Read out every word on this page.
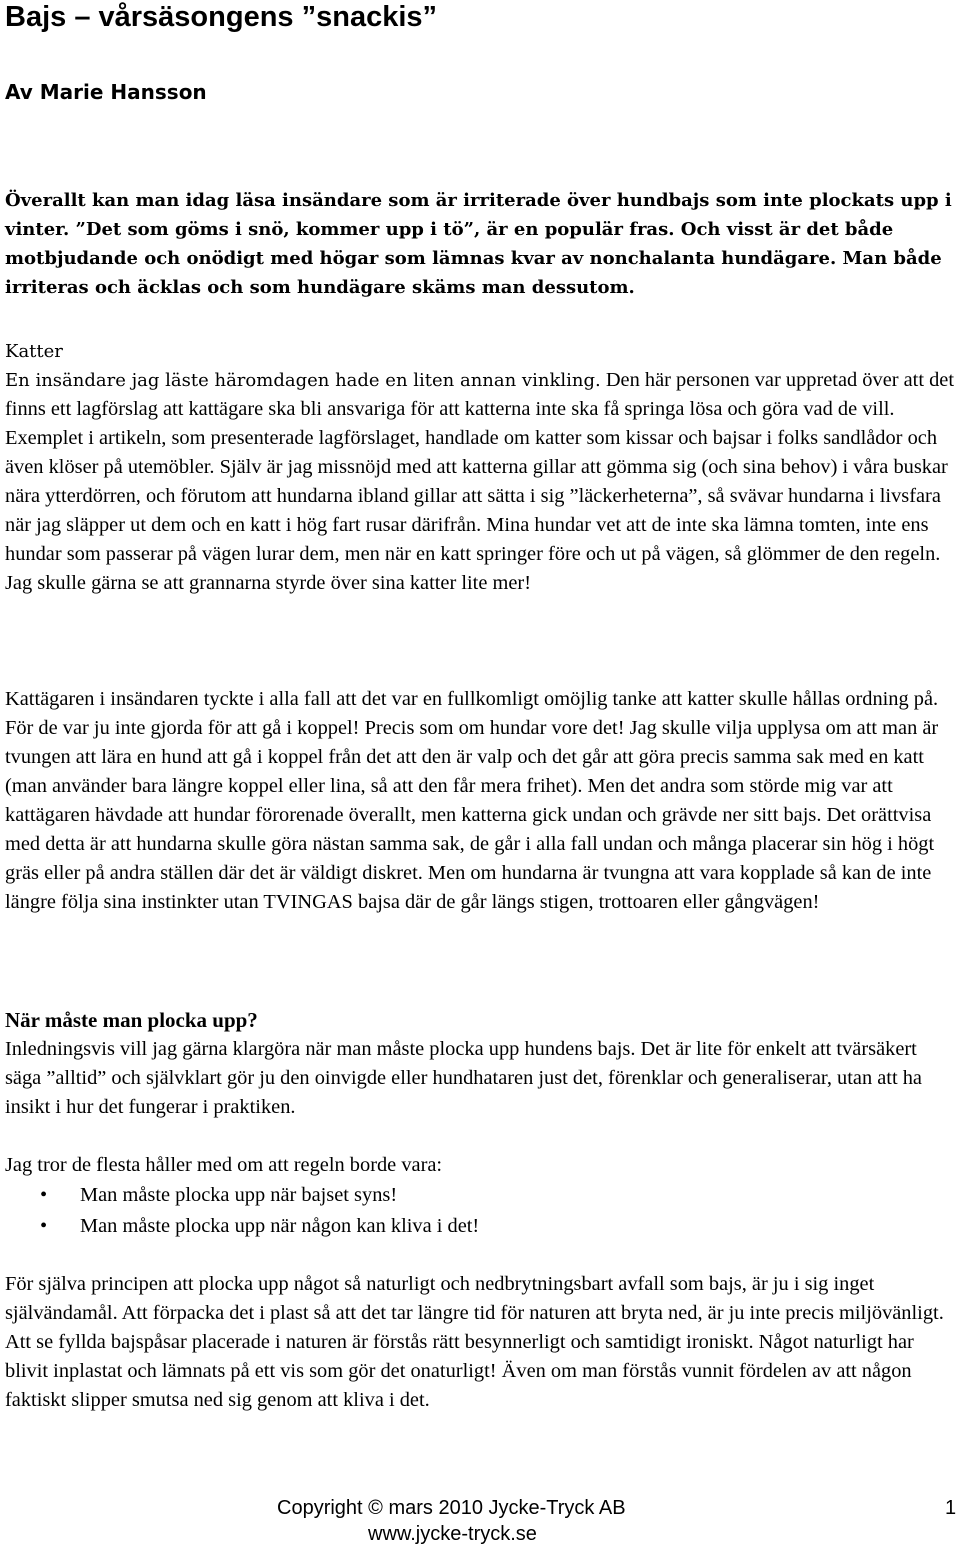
Bajs – vårsäsongens ”snackis”
Av Marie Hansson

Överallt kan man idag läsa insändare som är irriterade över hundbajs som inte plockats upp i vinter. ”Det som göms i snö, kommer upp i tö”, är en populär fras. Och visst är det både motbjudande och onödigt med högar som lämnas kvar av nonchalanta hundägare. Man både irriteras och äcklas och som hundägare skäms man dessutom.

Katter

En insändare jag läste häromdagen hade en liten annan vinkling. Den här personen var uppretad över att det finns ett lagförslag att kattägare ska bli ansvariga för att katterna inte ska få springa lösa och göra vad de vill. Exemplet i artikeln, som presenterade lagförslaget, handlade om katter som kissar och bajsar i folks sandlådor och även klöser på utemöbler. Själv är jag missnöjd med att katterna gillar att gömma sig (och sina behov) i våra buskar nära ytterdörren, och förutom att hundarna ibland gillar att sätta i sig ”läckerheterna”, så svävar hundarna i livsfara när jag släpper ut dem och en katt i hög fart rusar därifrån. Mina hundar vet att de inte ska lämna tomten, inte ens hundar som passerar på vägen lurar dem, men när en katt springer före och ut på vägen, så glömmer de den regeln. Jag skulle gärna se att grannarna styrde över sina katter lite mer!

Kattägaren i insändaren tyckte i alla fall att det var en fullkomligt omöjlig tanke att katter skulle hållas ordning på. För de var ju inte gjorda för att gå i koppel! Precis som om hundar vore det! Jag skulle vilja upplysa om att man är tvungen att lära en hund att gå i koppel från det att den är valp och det går att göra precis samma sak med en katt (man använder bara längre koppel eller lina, så att den får mera frihet). Men det andra som störde mig var att kattägaren hävdade att hundar förorenade överallt, men katterna gick undan och grävde ner sitt bajs. Det orättvisa med detta är att hundarna skulle göra nästan samma sak, de går i alla fall undan och många placerar sin hög i högt gräs eller på andra ställen där det är väldigt diskret. Men om hundarna är tvungna att vara kopplade så kan de inte längre följa sina instinkter utan TVINGAS bajsa där de går längs stigen, trottoaren eller gångvägen!

När måste man plocka upp?

Inledningsvis vill jag gärna klargöra när man måste plocka upp hundens bajs. Det är lite för enkelt att tvärsäkert säga ”alltid” och självklart gör ju den oinvigde eller hundhataren just det, förenklar och generaliserar, utan att ha insikt i hur det fungerar i praktiken.

Jag tror de flesta håller med om att regeln borde vara:

• Man måste plocka upp när bajset syns!
• Man måste plocka upp när någon kan kliva i det!

För själva principen att plocka upp något så naturligt och nedbrytningsbart avfall som bajs, är ju i sig inget självändamål. Att förpacka det i plast så att det tar längre tid för naturen att bryta ned, är ju inte precis miljövänligt. Att se fyllda bajspåsar placerade i naturen är förstås rätt besynnerligt och samtidigt ironiskt. Något naturligt har blivit inplastat och lämnats på ett vis som gör det onaturligt! Även om man förstås vunnit fördelen av att någon faktiskt slipper smutsa ned sig genom att kliva i det.

Copyright © mars 2010 Jycke-Tryck AB
www.jycke-tryck.se
1
